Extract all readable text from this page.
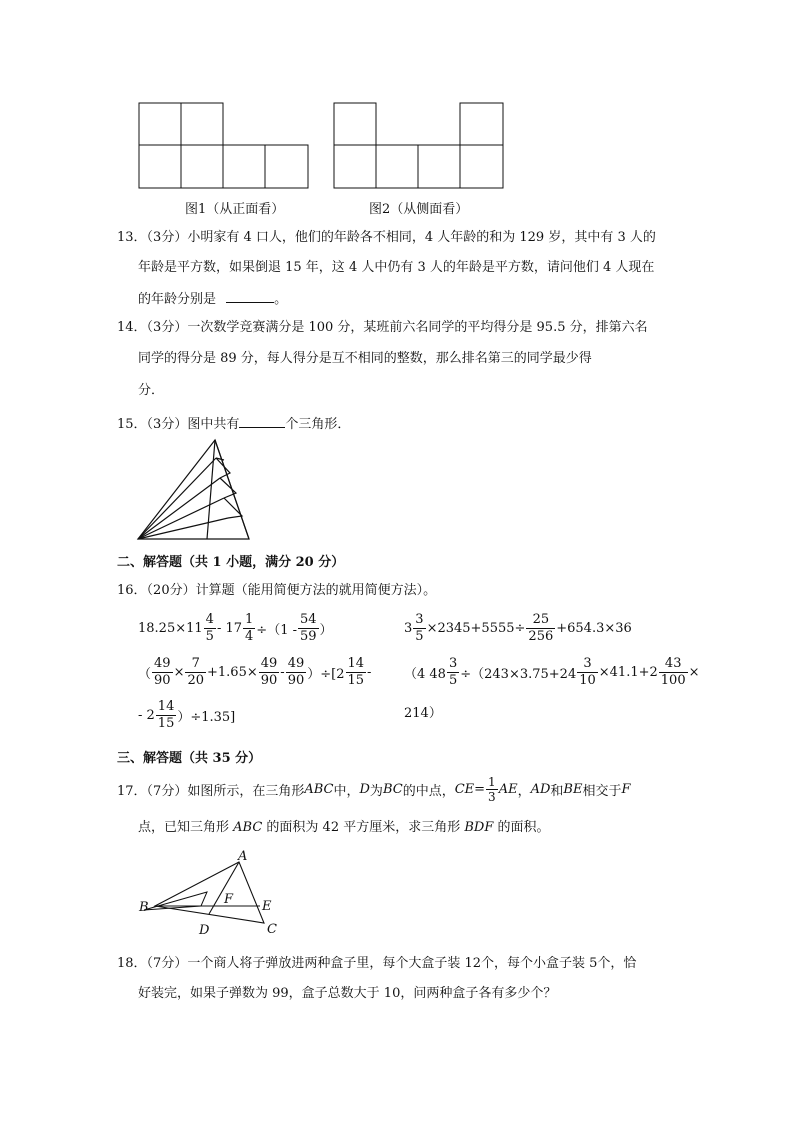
图1（从正面看）	图2（从侧面看）
13．（3分）小明家有 4 口人，他们的年龄各不相同，4 人年龄的和为 129 岁，其中有 3 人的
年龄是平方数，如果倒退 15 年，这 4 人中仍有 3 人的年龄是平方数，请问他们 4 人现在
的年龄分别是	。
14．（3分）一次数学竞赛满分是 100 分，某班前六名同学的平均得分是 95.5 分，排第六名
同学的得分是 89 分，每人得分是互不相同的整数，那么排名第三的同学最少得
分．
15．（3分）图中共有	个三角形．
二、解答题（共 1 小题，满分 20 分）
16．（20分）计算题（能用简便方法的就用简便方法）。
$18.25\times 11 \frac{4}{5} - 17 \frac{1}{4} \div(1 - \frac{54}{59}$ ）	$3 \frac{3}{5} \times 2345+5555\div \frac{25}{256} +654.3\times 36$
（ $\frac{49}{90} \times \frac{7}{20} +1.65\times \frac{49}{90} - \frac{49}{90} )\div[2 \frac{14}{15}$ -
- $2 \frac{14}{15} )\div 1.35$]
（4 $48 \frac{3}{5} \div(243\times 3.75+24 \frac{3}{10} \times 41.1+2 \frac{43}{100}$ ×
214）
三、解答题（共 35 分）
17．（7分）如图所示，在三角形 ABC 中， D 为 BC 的中点， CE = $\frac{1}{3}$ AE ， AD 和 BE 相交于 F
点，已知三角形 ABC 的面积为 42 平方厘米，求三角形 BDF 的面积。
A
B
C
D
E
F
18．（7分）一个商人将子弹放进两种盒子里，每个大盒子装 12个，每个小盒子装 5个，恰
好装完，如果子弹数为 99，盒子总数大于 10，问两种盒子各有多少个？
